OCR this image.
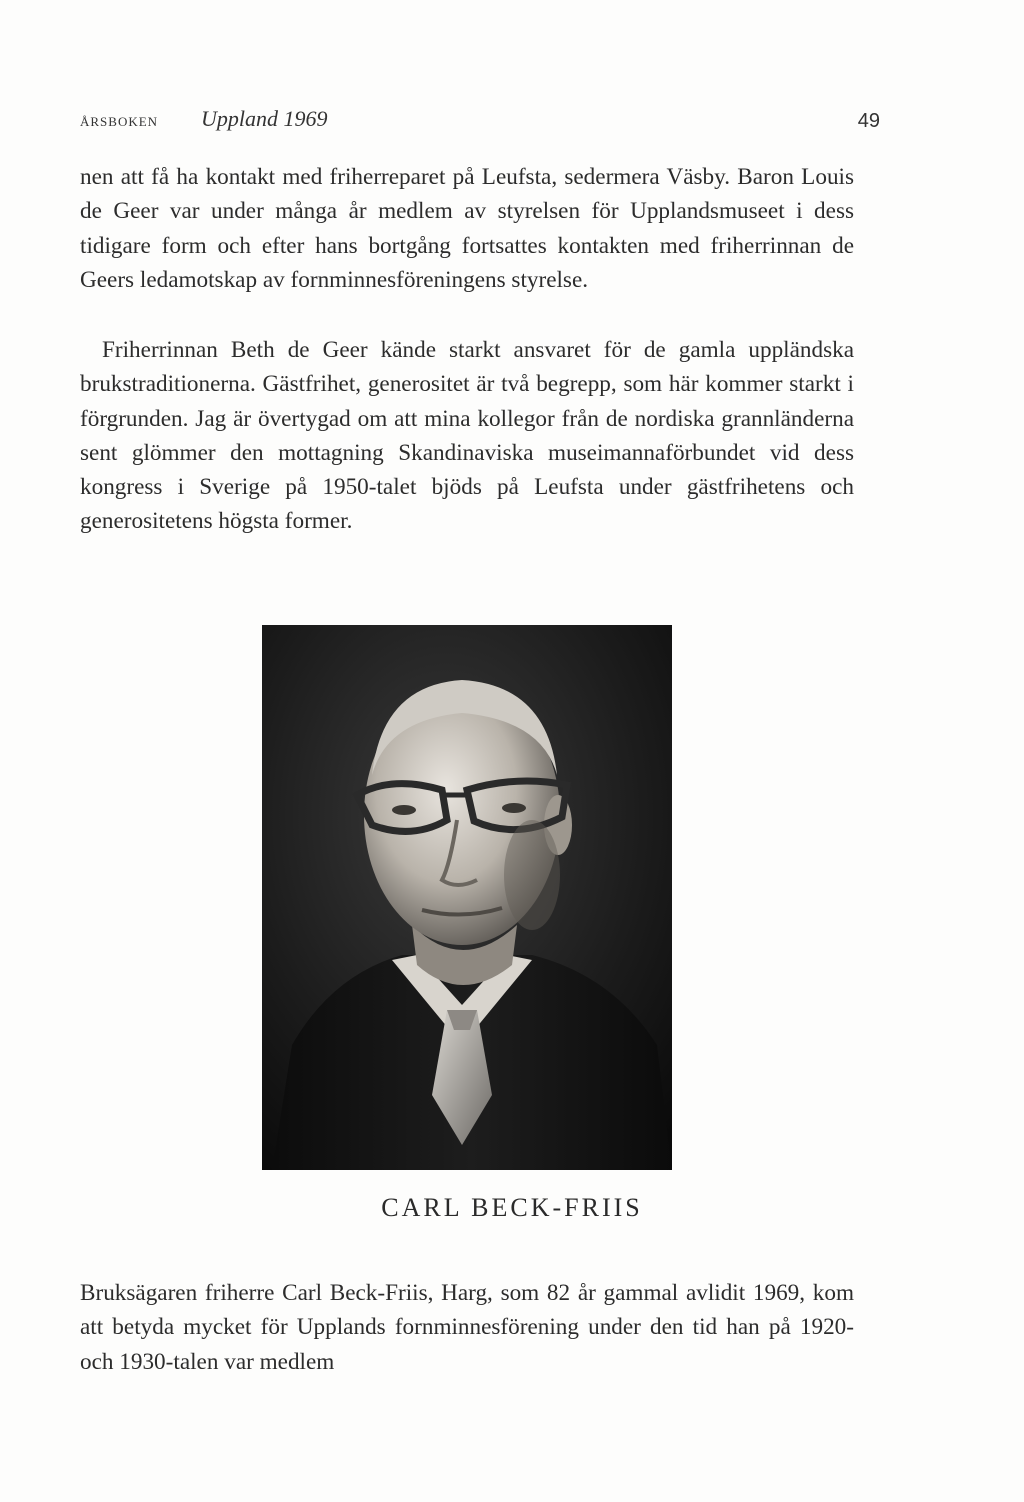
ÅRSBOKEN Uppland 1969	49

nen att få ha kontakt med friherreparet på Leufsta, sedermera Väsby. Baron Louis de Geer var under många år medlem av styrelsen för Upplandsmuseet i dess tidigare form och efter hans bortgång fortsattes kontakten med friherrinnan de Geers ledamotskap av fornminnesföreningens styrelse.

Friherrinnan Beth de Geer kände starkt ansvaret för de gamla uppländska brukstraditionerna. Gästfrihet, generositet är två begrepp, som här kommer starkt i förgrunden. Jag är övertygad om att mina kollegor från de nordiska grannländerna sent glömmer den mottagning Skandinaviska museimannaförbundet vid dess kongress i Sverige på 1950-talet bjöds på Leufsta under gästfrihetens och generositetens högsta former.

CARL BECK-FRIIS

Bruksägaren friherre Carl Beck-Friis, Harg, som 82 år gammal avlidit 1969, kom att betyda mycket för Upplands fornminnesförening under den tid han på 1920- och 1930-talen var medlem
